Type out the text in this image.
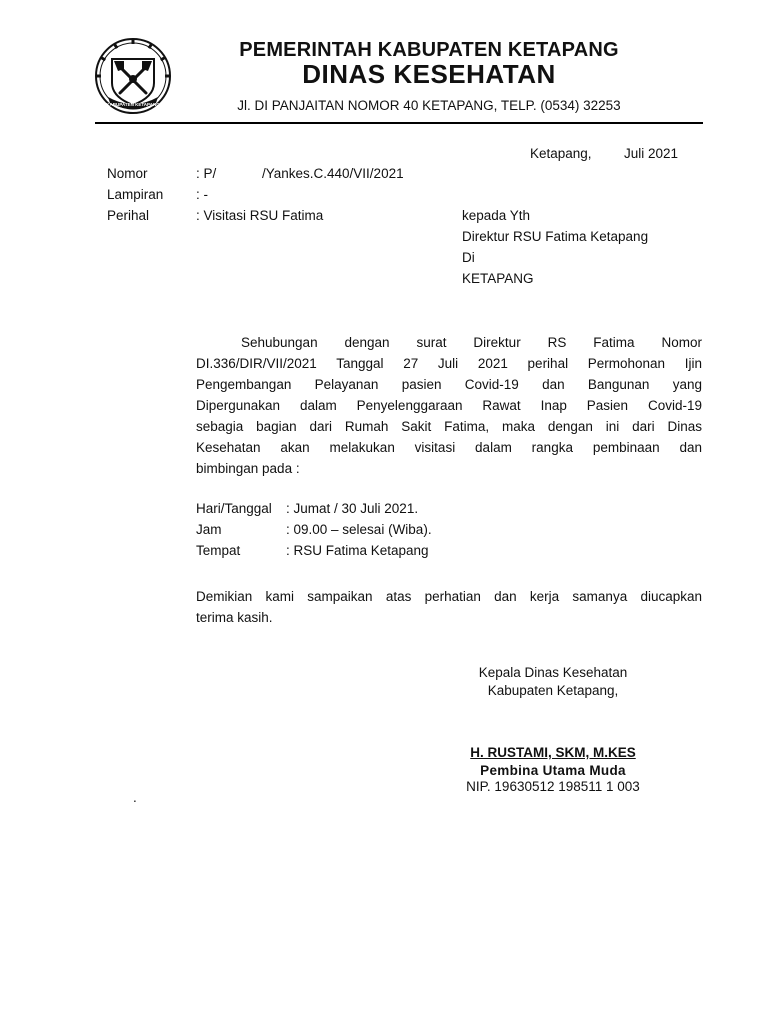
KABUPATEN KETAPANG
PEMERINTAH KABUPATEN KETAPANG
DINAS KESEHATAN
Jl. DI PANJAITAN NOMOR 40 KETAPANG, TELP. (0534) 32253
Ketapang, Juli 2021
Nomor	: P/	/Yankes.C.440/VII/2021
Lampiran : -
Perihal	: Visitasi RSU Fatima	kepada Yth
Direktur RSU Fatima Ketapang
Di
KETAPANG
Sehubungan dengan surat Direktur RS Fatima Nomor
DI.336/DIR/VII/2021 Tanggal 27 Juli 2021 perihal Permohonan Ijin
Pengembangan Pelayanan pasien Covid-19 dan Bangunan yang
Dipergunakan dalam Penyelenggaraan Rawat Inap Pasien Covid-19
sebagia bagian dari Rumah Sakit Fatima, maka dengan ini dari Dinas
Kesehatan akan melakukan visitasi dalam rangka pembinaan dan
bimbingan pada :
Hari/Tanggal : Jumat / 30 Juli 2021.
Jam	: 09.00 – selesai (Wiba).
Tempat	: RSU Fatima Ketapang
Demikian kami sampaikan atas perhatian dan kerja samanya diucapkan
terima kasih.
Kepala Dinas Kesehatan
Kabupaten Ketapang,
H. RUSTAMI, SKM, M.KES
Pembina Utama Muda
NIP. 19630512 198511 1 003
.
